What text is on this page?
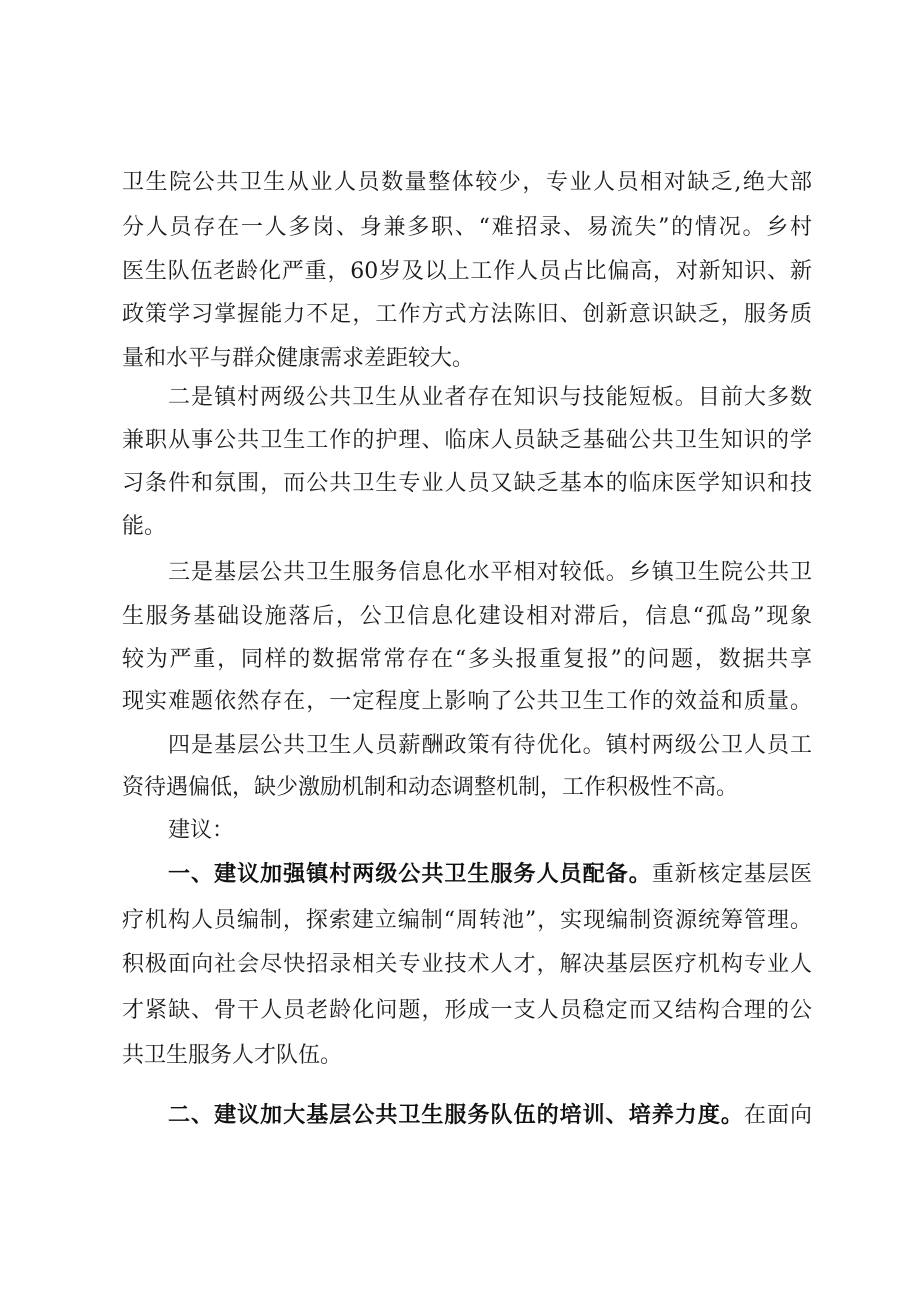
卫生院公共卫生从业人员数量整体较少，专业人员相对缺乏,绝大部
分人员存在一人多岗、身兼多职、“难招录、易流失”的情况。乡村
医生队伍老龄化严重，60岁及以上工作人员占比偏高，对新知识、新
政策学习掌握能力不足，工作方式方法陈旧、创新意识缺乏，服务质
量和水平与群众健康需求差距较大。
二是镇村两级公共卫生从业者存在知识与技能短板。目前大多数
兼职从事公共卫生工作的护理、临床人员缺乏基础公共卫生知识的学
习条件和氛围，而公共卫生专业人员又缺乏基本的临床医学知识和技
能。
三是基层公共卫生服务信息化水平相对较低。乡镇卫生院公共卫
生服务基础设施落后，公卫信息化建设相对滞后，信息“孤岛”现象
较为严重，同样的数据常常存在“多头报重复报”的问题，数据共享
现实难题依然存在，一定程度上影响了公共卫生工作的效益和质量。
四是基层公共卫生人员薪酬政策有待优化。镇村两级公卫人员工
资待遇偏低，缺少激励机制和动态调整机制，工作积极性不高。
建议：
一、建议加强镇村两级公共卫生服务人员配备。重新核定基层医
疗机构人员编制，探索建立编制“周转池”，实现编制资源统筹管理。
积极面向社会尽快招录相关专业技术人才，解决基层医疗机构专业人
才紧缺、骨干人员老龄化问题，形成一支人员稳定而又结构合理的公
共卫生服务人才队伍。
二、建议加大基层公共卫生服务队伍的培训、培养力度。在面向
